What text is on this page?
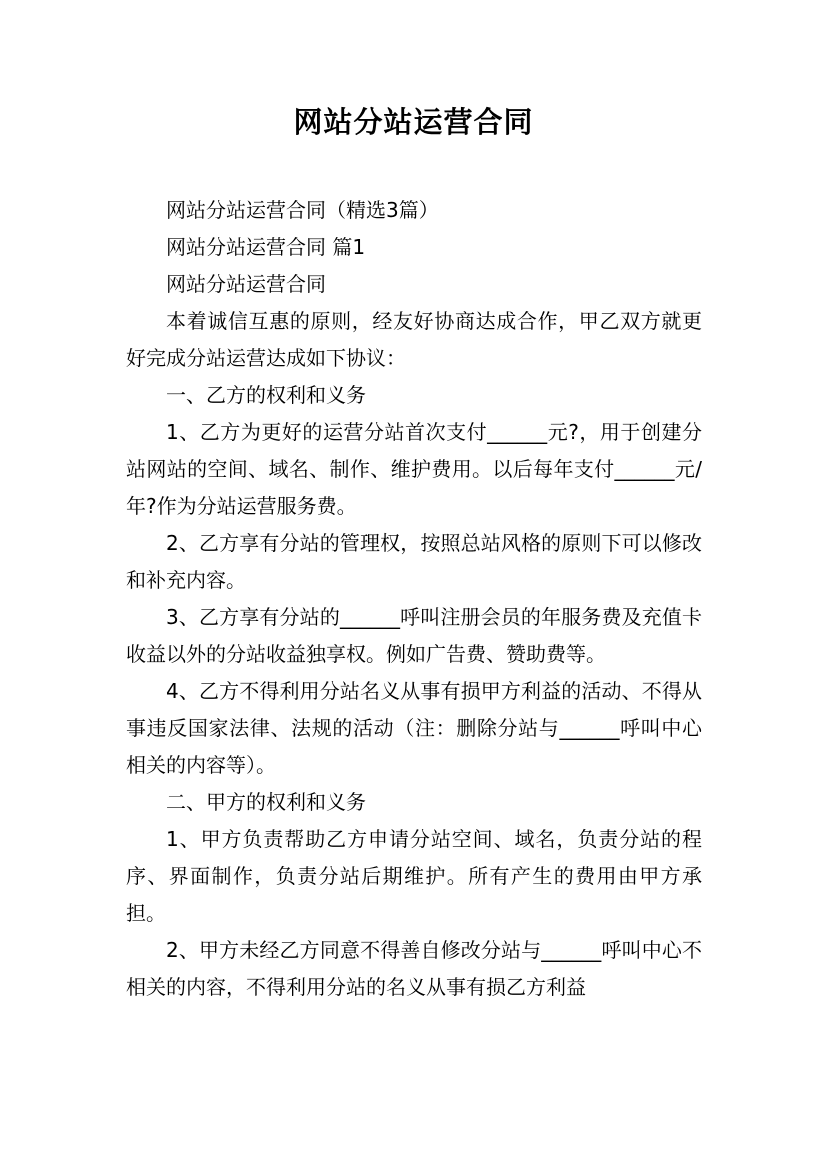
网站分站运营合同

网站分站运营合同（精选3篇）

网站分站运营合同 篇1

网站分站运营合同

本着诚信互惠的原则，经友好协商达成合作，甲乙双方就更好完成分站运营达成如下协议：

一、乙方的权利和义务

1、乙方为更好的运营分站首次支付______元?，用于创建分站网站的空间、域名、制作、维护费用。以后每年支付______元/年?作为分站运营服务费。

2、乙方享有分站的管理权，按照总站风格的原则下可以修改和补充内容。

3、乙方享有分站的______呼叫注册会员的年服务费及充值卡收益以外的分站收益独享权。例如广告费、赞助费等。

4、乙方不得利用分站名义从事有损甲方利益的活动、不得从事违反国家法律、法规的活动（注：删除分站与______呼叫中心相关的内容等）。

二、甲方的权利和义务

1、甲方负责帮助乙方申请分站空间、域名，负责分站的程序、界面制作，负责分站后期维护。所有产生的费用由甲方承担。

2、甲方未经乙方同意不得善自修改分站与______呼叫中心不相关的内容，不得利用分站的名义从事有损乙方利益
